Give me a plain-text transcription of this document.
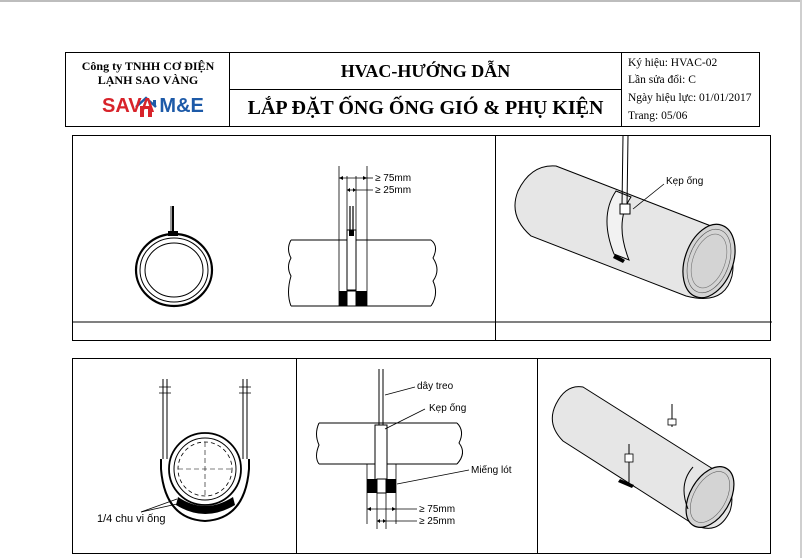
Công ty TNHH CƠ ĐIỆN
LẠNH SAO VÀNG
SAVA M&E
HVAC-HƯỚNG DẪN
LẮP ĐẶT ỐNG ỐNG GIÓ & PHỤ KIỆN
Ký hiệu: HVAC-02
Lần sửa đổi: C
Ngày hiệu lực: 01/01/2017
Trang: 05/06
≥ 75mm
≥ 25mm
Kẹp ống
1/4 chu vi ống
dây treo
Kẹp ống
Miếng lót
≥ 75mm
≥ 25mm
